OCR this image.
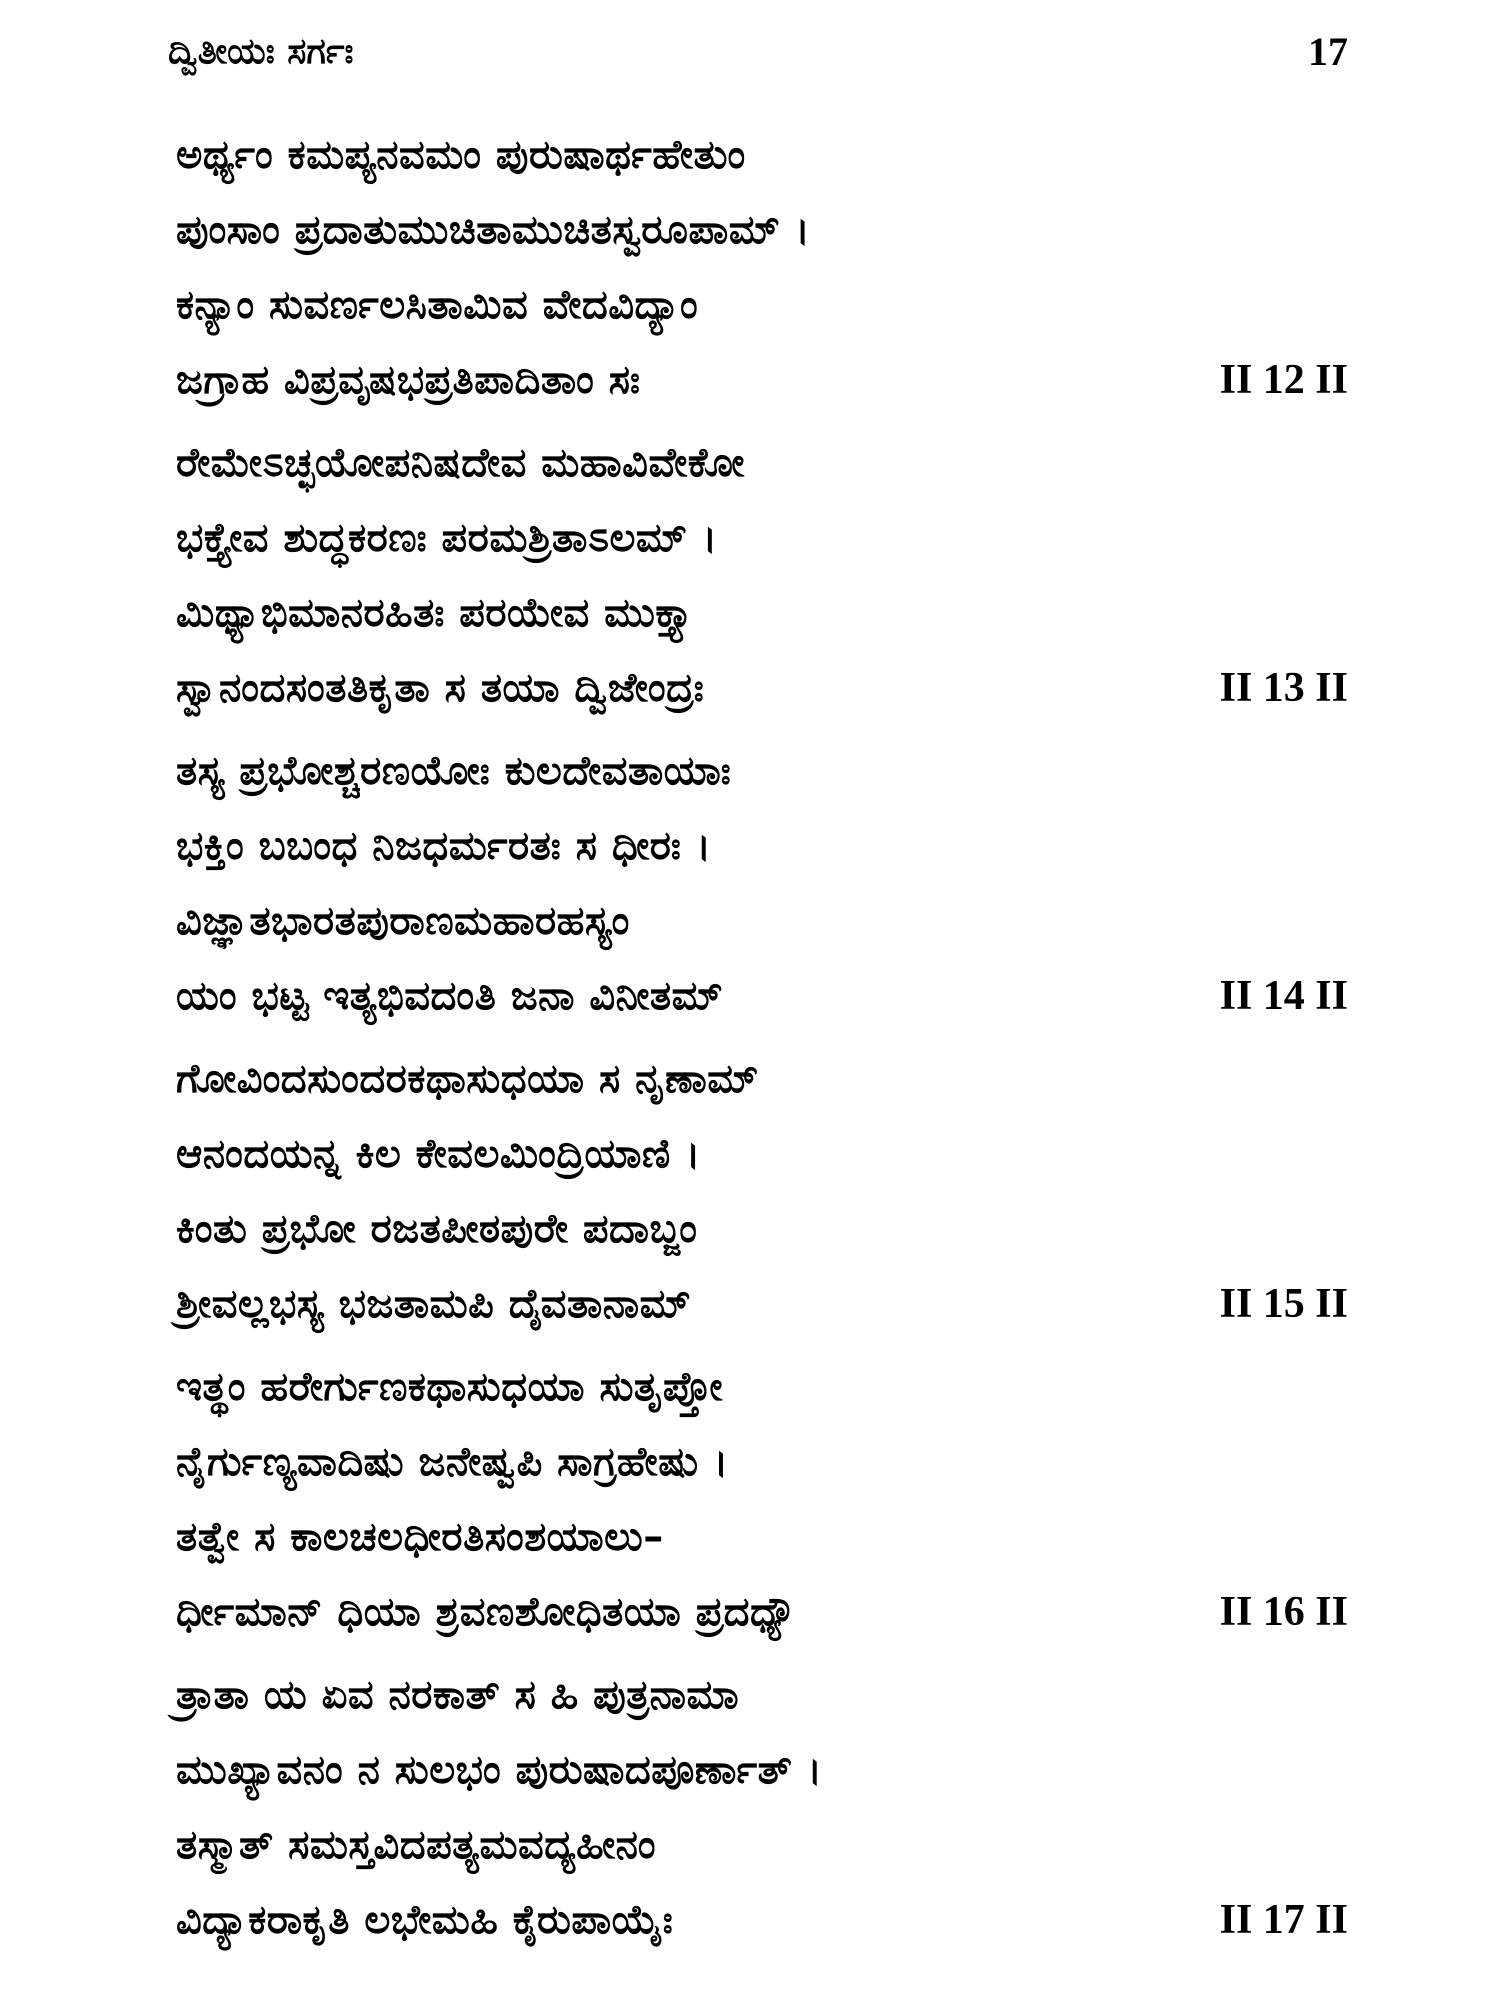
ದ್ವಿತೀಯಃ ಸರ್ಗಃ	17
ಅರ್ಥ್ಯಂ ಕಮಪ್ಯನವಮಂ ಪುರುಷಾರ್ಥಹೇತುಂ
ಪುಂಸಾಂ ಪ್ರದಾತುಮುಚಿತಾಮುಚಿತಸ್ವರೂಪಾಮ್ ।
ಕನ್ಯಾಂ ಸುವರ್ಣಲಸಿತಾಮಿವ ವೇದವಿದ್ಯಾಂ
ಜಗ್ರಾಹ ವಿಪ್ರವೃಷಭಪ್ರತಿಪಾದಿತಾಂ ಸಃ	II 12 II
ರೇಮೇಽಚ್ಛಯೋಪನಿಷದೇವ ಮಹಾವಿವೇಕೋ
ಭಕ್ತ್ಯೇವ ಶುದ್ಧಕರಣಃ ಪರಮಶ್ರಿತಾಽಲಮ್ ।
ಮಿಥ್ಯಾಭಿಮಾನರಹಿತಃ ಪರಯೇವ ಮುಕ್ತ್ಯಾ
ಸ್ವಾನಂದಸಂತತಿಕೃತಾ ಸ ತಯಾ ದ್ವಿಜೇಂದ್ರಃ	II 13 II
ತಸ್ಯ ಪ್ರಭೋಶ್ಚರಣಯೋಃ ಕುಲದೇವತಾಯಾಃ
ಭಕ್ತಿಂ ಬಬಂಧ ನಿಜಧರ್ಮರತಃ ಸ ಧೀರಃ ।
ವಿಜ್ಞಾತಭಾರತಪುರಾಣಮಹಾರಹಸ್ಯಂ
ಯಂ ಭಟ್ಟ ಇತ್ಯಭಿವದಂತಿ ಜನಾ ವಿನೀತಮ್	II 14 II
ಗೋವಿಂದಸುಂದರಕಥಾಸುಧಯಾ ಸ ನೃಣಾಮ್
ಆನಂದಯನ್ನ ಕಿಲ ಕೇವಲಮಿಂದ್ರಿಯಾಣಿ ।
ಕಿಂತು ಪ್ರಭೋ ರಜತಪೀಠಪುರೇ ಪದಾಬ್ಜಂ
ಶ್ರೀವಲ್ಲಭಸ್ಯ ಭಜತಾಮಪಿ ದೈವತಾನಾಮ್	II 15 II
ಇತ್ಥಂ ಹರೇರ್ಗುಣಕಥಾಸುಧಯಾ ಸುತೃಪ್ತೋ
ನೈರ್ಗುಣ್ಯವಾದಿಷು ಜನೇಷ್ವಪಿ ಸಾಗ್ರಹೇಷು ।
ತತ್ವೇ ಸ ಕಾಲಚಲಧೀರತಿಸಂಶಯಾಲು–
ರ್ಧೀಮಾನ್ ಧಿಯಾ ಶ್ರವಣಶೋಧಿತಯಾ ಪ್ರದಧ್ಯೌ	II 16 II
ತ್ರಾತಾ ಯ ಏವ ನರಕಾತ್ ಸ ಹಿ ಪುತ್ರನಾಮಾ
ಮುಖ್ಯಾವನಂ ನ ಸುಲಭಂ ಪುರುಷಾದಪೂರ್ಣಾತ್ ।
ತಸ್ಮಾತ್ ಸಮಸ್ತವಿದಪತ್ಯಮವದ್ಯಹೀನಂ
ವಿದ್ಯಾಕರಾಕೃತಿ ಲಭೇಮಹಿ ಕೈರುಪಾಯೈಃ	II 17 II
